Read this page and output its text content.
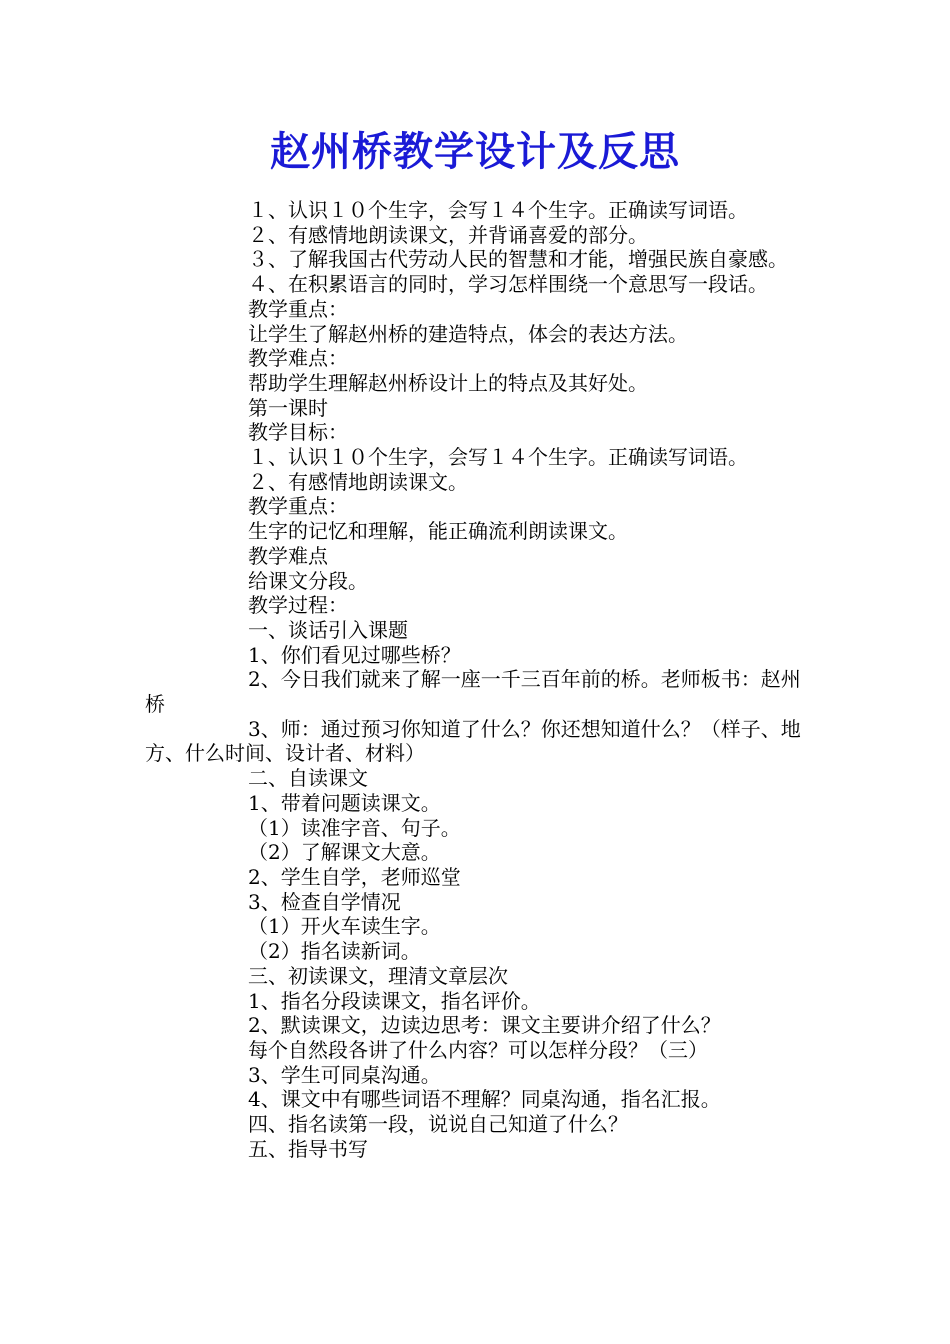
赵州桥教学设计及反思

１、认识１０个生字，会写１４个生字。正确读写词语。

２、有感情地朗读课文，并背诵喜爱的部分。

３、了解我国古代劳动人民的智慧和才能，增强民族自豪感。

４、在积累语言的同时，学习怎样围绕一个意思写一段话。

教学重点：

让学生了解赵州桥的建造特点，体会的表达方法。

教学难点：

帮助学生理解赵州桥设计上的特点及其好处。

第一课时

教学目标：

１、认识１０个生字，会写１４个生字。正确读写词语。

２、有感情地朗读课文。

教学重点：

生字的记忆和理解，能正确流利朗读课文。

教学难点

给课文分段。

教学过程：

一、谈话引入课题

1、你们看见过哪些桥？

2、今日我们就来了解一座一千三百年前的桥。老师板书：赵州桥

3、师：通过预习你知道了什么？你还想知道什么？（样子、地方、什么时间、设计者、材料）

二、自读课文

1、带着问题读课文。

（1）读准字音、句子。

（2）了解课文大意。

2、学生自学，老师巡堂

3、检查自学情况

（1）开火车读生字。

（2）指名读新词。

三、初读课文，理清文章层次

1、指名分段读课文，指名评价。

2、默读课文，边读边思考：课文主要讲介绍了什么？

每个自然段各讲了什么内容？可以怎样分段？（三）

3、学生可同桌沟通。

4、课文中有哪些词语不理解？同桌沟通，指名汇报。

四、指名读第一段，说说自己知道了什么？

五、指导书写
